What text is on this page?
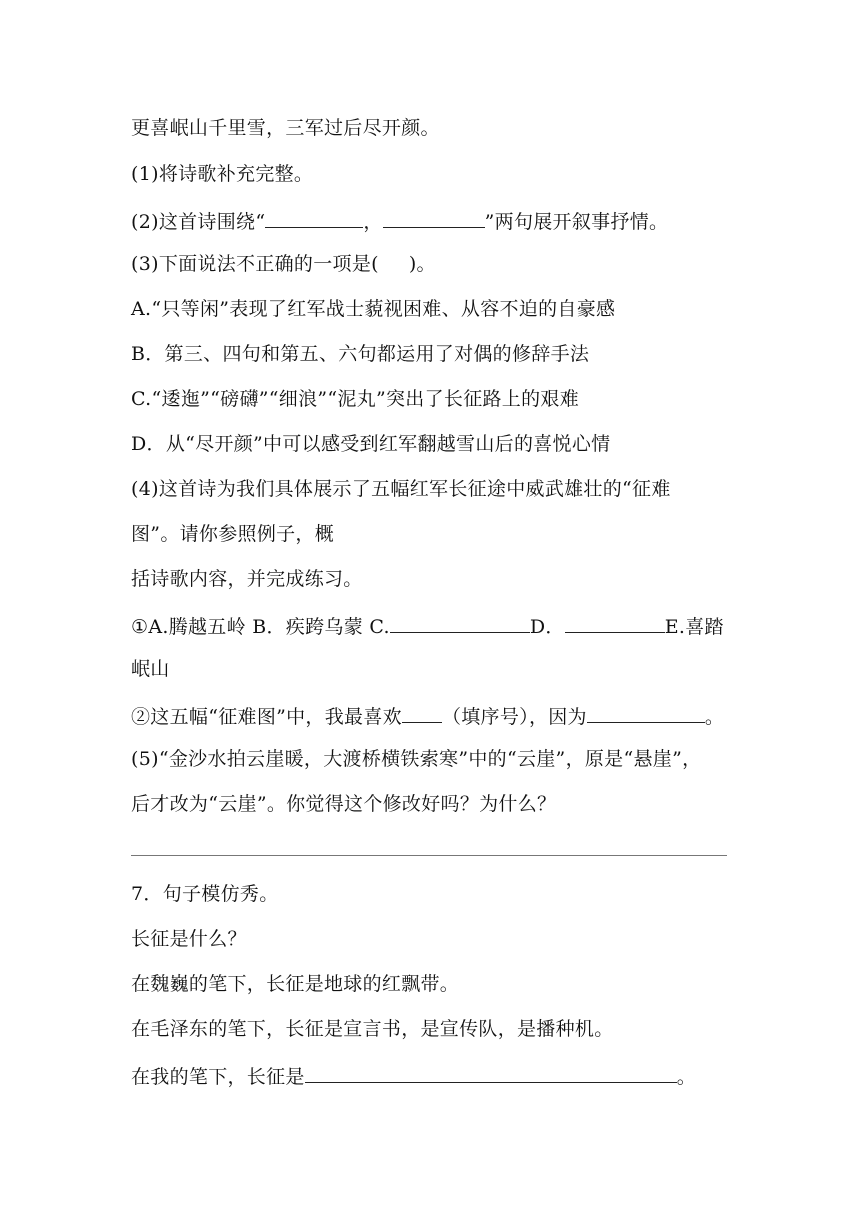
更喜岷山千里雪，三军过后尽开颜。
(1)将诗歌补充完整。
(2)这首诗围绕“	，	”两句展开叙事抒情。
(3)下面说法不正确的一项是( )。
A.“只等闲”表现了红军战士藐视困难、从容不迫的自豪感
B．第三、四句和第五、六句都运用了对偶的修辞手法
C.“逶迤”“磅礴”“细浪”“泥丸”突出了长征路上的艰难
D．从“尽开颜”中可以感受到红军翻越雪山后的喜悦心情
(4)这首诗为我们具体展示了五幅红军长征途中威武雄壮的“征难
图”。请你参照例子，概
括诗歌内容，并完成练习。
①A.腾越五岭 B．疾跨乌蒙 C.	D．	E.喜踏
岷山
②这五幅“征难图”中，我最喜欢 （填序号），因为	。
(5)“金沙水拍云崖暖，大渡桥横铁索寒”中的“云崖”，原是“悬崖”，
后才改为“云崖”。你觉得这个修改好吗？为什么？
7．句子模仿秀。
长征是什么？
在魏巍的笔下，长征是地球的红飘带。
在毛泽东的笔下，长征是宣言书，是宣传队，是播种机。
在我的笔下，长征是	。
